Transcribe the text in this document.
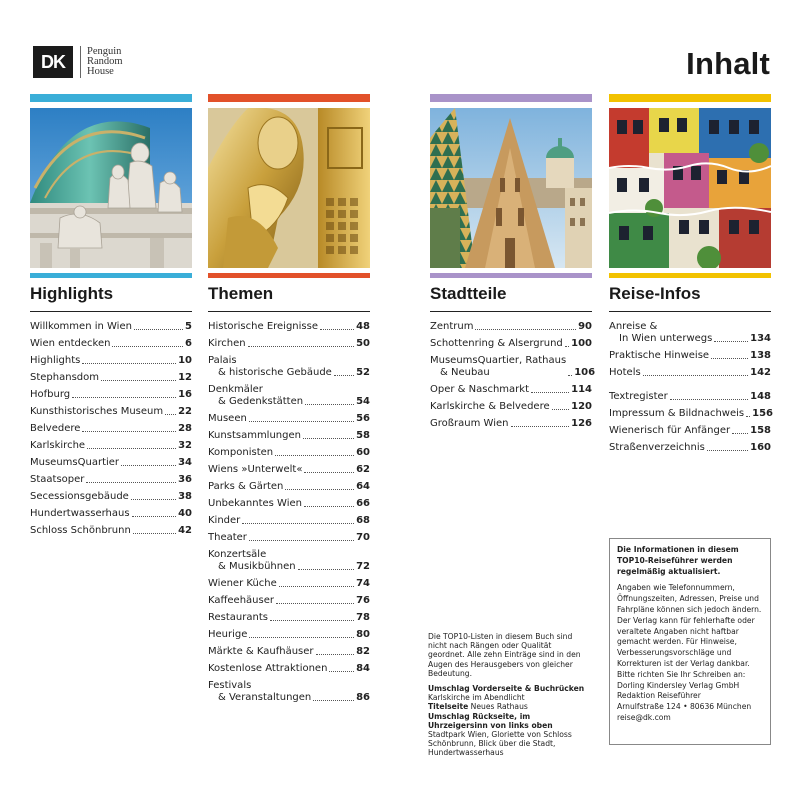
DK Penguin
Random
House	Inhalt
Highlights
Willkommen in Wien	5
Wien entdecken	6
Highlights	10
Stephansdom	12
Hofburg	16
Kunsthistorisches Museum 22
Belvedere	28
Karlskirche	32
MuseumsQuartier	34
Staatsoper	36
Secessionsgebäude	38
Hundertwasserhaus	40
Schloss Schönbrunn	42
Themen
Historische Ereignisse	48
Kirchen	50
Palais
& historische Gebäude 52
Denkmäler
& Gedenkstätten	54
Museen	56
Kunstsammlungen	58
Komponisten	60
Wiens »Unterwelt«	62
Parks & Gärten	64
Unbekanntes Wien	66
Kinder	68
Theater	70
Konzertsäle
& Musikbühnen	72
Wiener Küche	74
Kaffeehäuser	76
Restaurants	78
Heurige	80
Märkte & Kaufhäuser	82
Kostenlose Attraktionen	84
Festivals
& Veranstaltungen	86
Stadtteile
Zentrum	90
Schottenring & Alsergrund 100
MuseumsQuartier, Rathaus
& Neubau	106
Oper & Naschmarkt	114
Karlskirche & Belvedere 120
Großraum Wien	126
Reise-Infos
Anreise &
In Wien unterwegs	134
Praktische Hinweise	138
Hotels	142
Textregister	148
Impressum & Bildnachweis 156
Wienerisch für Anfänger 158
Straßenverzeichnis	160

Die TOP10-Listen in diesem Buch sind nicht nach Rängen oder Qualität geordnet. Alle zehn Einträge sind in den Augen des Herausgebers von gleicher Bedeutung.

Umschlag Vorderseite & Buchrücken
Karlskirche im Abendlicht
Titelseite Neues Rathaus
Umschlag Rückseite, im Uhrzeigersinn von links oben Stadtpark Wien, Gloriette von Schloss Schönbrunn, Blick über die Stadt, Hundertwasserhaus
Die Informationen in diesem TOP10-Reiseführer werden regelmäßig aktualisiert.
Angaben wie Telefonnummern, Öffnungszeiten, Adressen, Preise und Fahrpläne können sich jedoch ändern. Der Verlag kann für fehlerhafte oder veraltete Angaben nicht haftbar gemacht werden. Für Hinweise, Verbesserungsvorschläge und Korrekturen ist der Verlag dankbar.
Bitte richten Sie Ihr Schreiben an:
Dorling Kindersley Verlag GmbH
Redaktion Reiseführer
Arnulfstraße 124 • 80636 München
reise@dk.com
